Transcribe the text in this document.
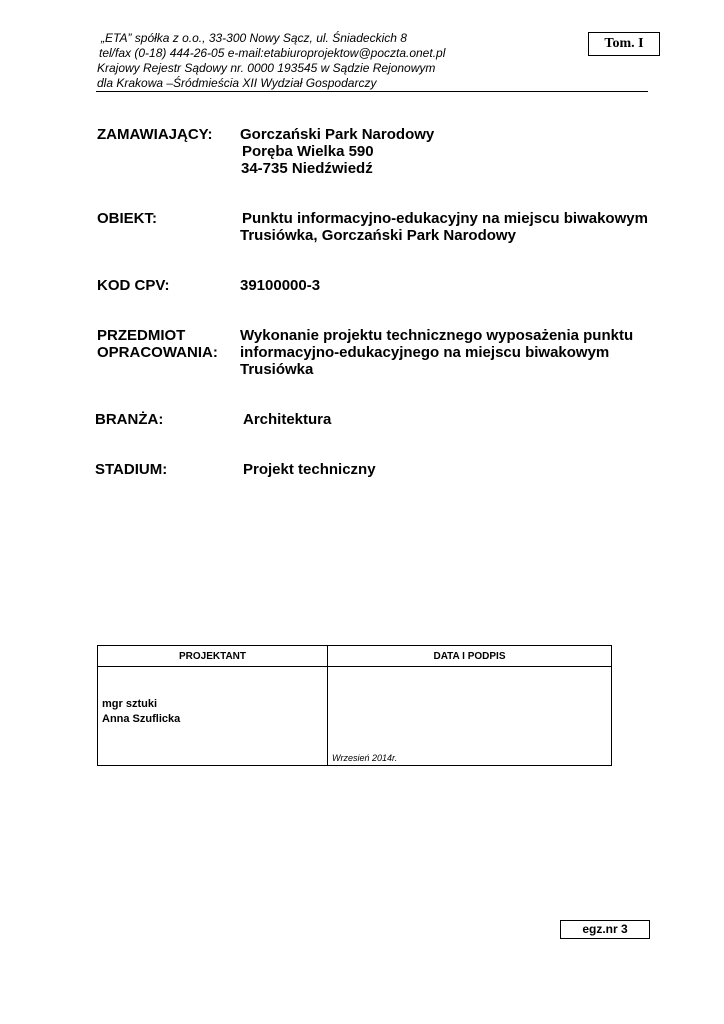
„ETA” spółka z o.o., 33-300 Nowy Sącz, ul. Śniadeckich 8
tel/fax (0-18) 444-26-05 e-mail:etabiuroprojektow@poczta.onet.pl
Krajowy Rejestr Sądowy nr. 0000 193545 w Sądzie Rejonowym
dla Krakowa –Śródmieścia XII Wydział Gospodarczy
Tom. I
ZAMAWIAJĄCY: Gorczański Park Narodowy
Poręba Wielka 590
34-735 Niedźwiedź
OBIEKT:	Punktu informacyjno-edukacyjny na miejscu biwakowym
Trusiówka, Gorczański Park Narodowy
KOD CPV:	39100000-3
PRZEDMIOT
OPRACOWANIA:
Wykonanie projektu technicznego wyposażenia punktu
informacyjno-edukacyjnego na miejscu biwakowym
Trusiówka
BRANŻA:	Architektura
STADIUM:	Projekt techniczny
PROJEKTANT	DATA I PODPIS

mgr sztuki
Anna Szuflicka	Wrzesień 2014r.
egz.nr 3
